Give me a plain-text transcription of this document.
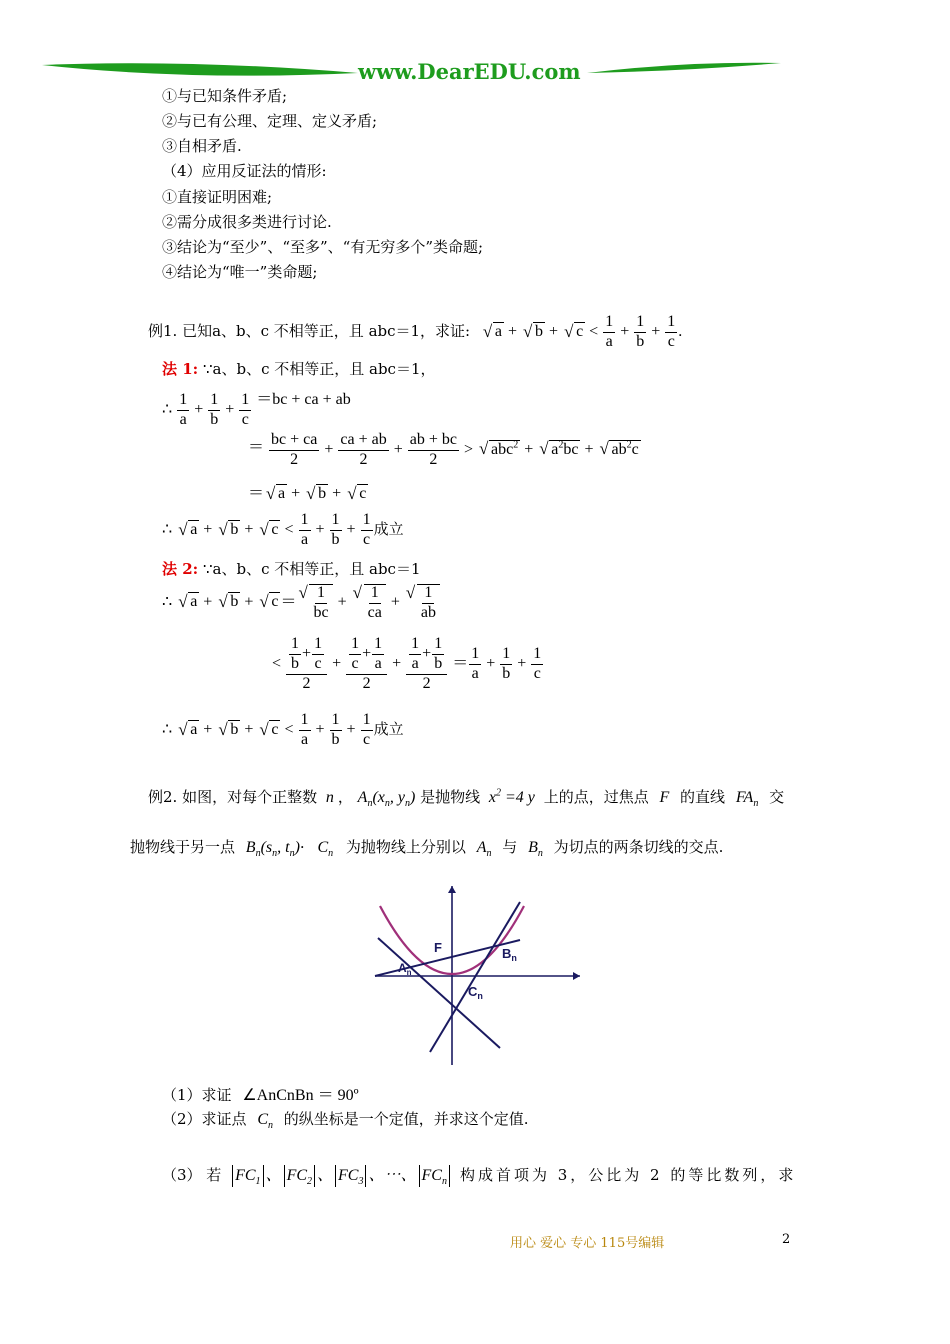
www.DearEDU.com
①与已知条件矛盾;
②与已有公理、定理、定义矛盾;
③自相矛盾.
（4）应用反证法的情形:
①直接证明困难;
②需分成很多类进行讨论.
③结论为“至少”、“至多”、“有无穷多个”类命题;
④结论为“唯一”类命题;
例1. 已知a、b、c 不相等正，且 abc＝1，求证: √ a + √ b + √ $c < \frac{1}{a} + \frac{1}{b} + \frac{1}{c}$ .
法 1: ∵a、b、c 不相等正，且 abc＝1，
∴ $\frac{1}{a} + \frac{1}{b} + \frac{1}{c} =bc$ + ca + ab
＝ $\frac{bc + ca}{2} + \frac{ca + ab}{2} + \frac{ab + bc}{2}$ > √ abc$^2$ + √ $a^2bc$ + √ $ab^2c$
＝ √ a + √ b + √ c
∴ √ a + √ b + √ $c < \frac{1}{a} + \frac{1}{b} + \frac{1}{c}$ 成立
法 2: ∵a、b、c 不相等正，且 abc＝1
∴ √ a + √ b + √ c ＝ √ $\frac{1}{bc}$ + √ $\frac{1}{ca}$ + √ $\frac{1}{ab}$
< $\frac{\frac{1}{b} + \frac{1}{c}}{2} + \frac{\frac{1}{c} + \frac{1}{a}}{2} + \frac{\frac{1}{a} + \frac{1}{b}}{2} = \frac{1}{a} + \frac{1}{b} + \frac{1}{c}$
∴ √ a + √ b + √ $c < \frac{1}{a} + \frac{1}{b} + \frac{1}{c}$ 成立
例2. 如图，对每个正整数 n ， $A_n(x_n$, $y_n$) 是抛物线 $x^2 =4$ y 上的点，过焦点 F 的直线 $FA_n$ 交
抛物线于另一点 $B_n(s_n$, $t_n)\cdot C_n$ 为抛物线上分别以 $A_n$ 与 $B_n$ 为切点的两条切线的交点.
F
$A_n$
$B_n$
$C_n$
（1）求证 ∠AnCnBn ＝ 90º
（2）求证点 $C_n$ 的纵坐标是一个定值，并求这个定值.
（3） 若 $FC_1$ 、 $FC_2$ 、 $FC_3$ 、⋯、 $FC_n$ 构成首项为 3，公比为 2 的等比数列，求
用心 爱心 专心 115号编辑	2
